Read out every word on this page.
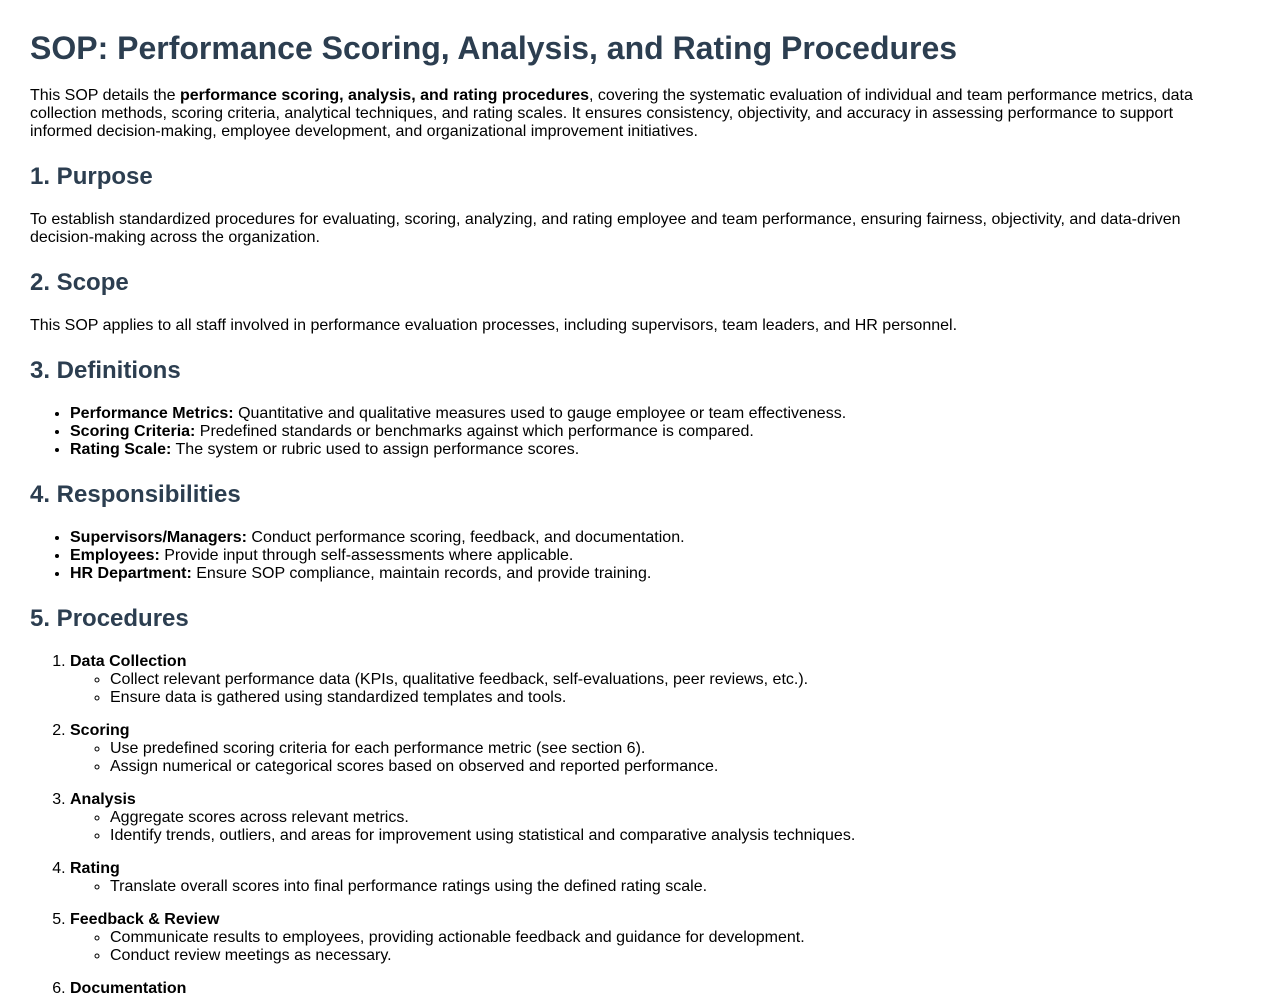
SOP: Performance Scoring, Analysis, and Rating Procedures

This SOP details the performance scoring, analysis, and rating procedures, covering the systematic evaluation of individual and team performance metrics, data collection methods, scoring criteria, analytical techniques, and rating scales. It ensures consistency, objectivity, and accuracy in assessing performance to support informed decision-making, employee development, and organizational improvement initiatives.

1. Purpose

To establish standardized procedures for evaluating, scoring, analyzing, and rating employee and team performance, ensuring fairness, objectivity, and data-driven decision-making across the organization.

2. Scope

This SOP applies to all staff involved in performance evaluation processes, including supervisors, team leaders, and HR personnel.

3. Definitions
• Performance Metrics: Quantitative and qualitative measures used to gauge employee or team effectiveness.
• Scoring Criteria: Predefined standards or benchmarks against which performance is compared.
• Rating Scale: The system or rubric used to assign performance scores.
4. Responsibilities
• Supervisors/Managers: Conduct performance scoring, feedback, and documentation.
• Employees: Provide input through self-assessments where applicable.
• HR Department: Ensure SOP compliance, maintain records, and provide training.
5. Procedures
1. Data Collection
◦ Collect relevant performance data (KPIs, qualitative feedback, self-evaluations, peer reviews, etc.).
◦ Ensure data is gathered using standardized templates and tools.
2. Scoring
◦ Use predefined scoring criteria for each performance metric (see section 6).
◦ Assign numerical or categorical scores based on observed and reported performance.
3. Analysis
◦ Aggregate scores across relevant metrics.
◦ Identify trends, outliers, and areas for improvement using statistical and comparative analysis techniques.
4. Rating
◦ Translate overall scores into final performance ratings using the defined rating scale.
5. Feedback & Review
◦ Communicate results to employees, providing actionable feedback and guidance for development.
◦ Conduct review meetings as necessary.
6. Documentation
